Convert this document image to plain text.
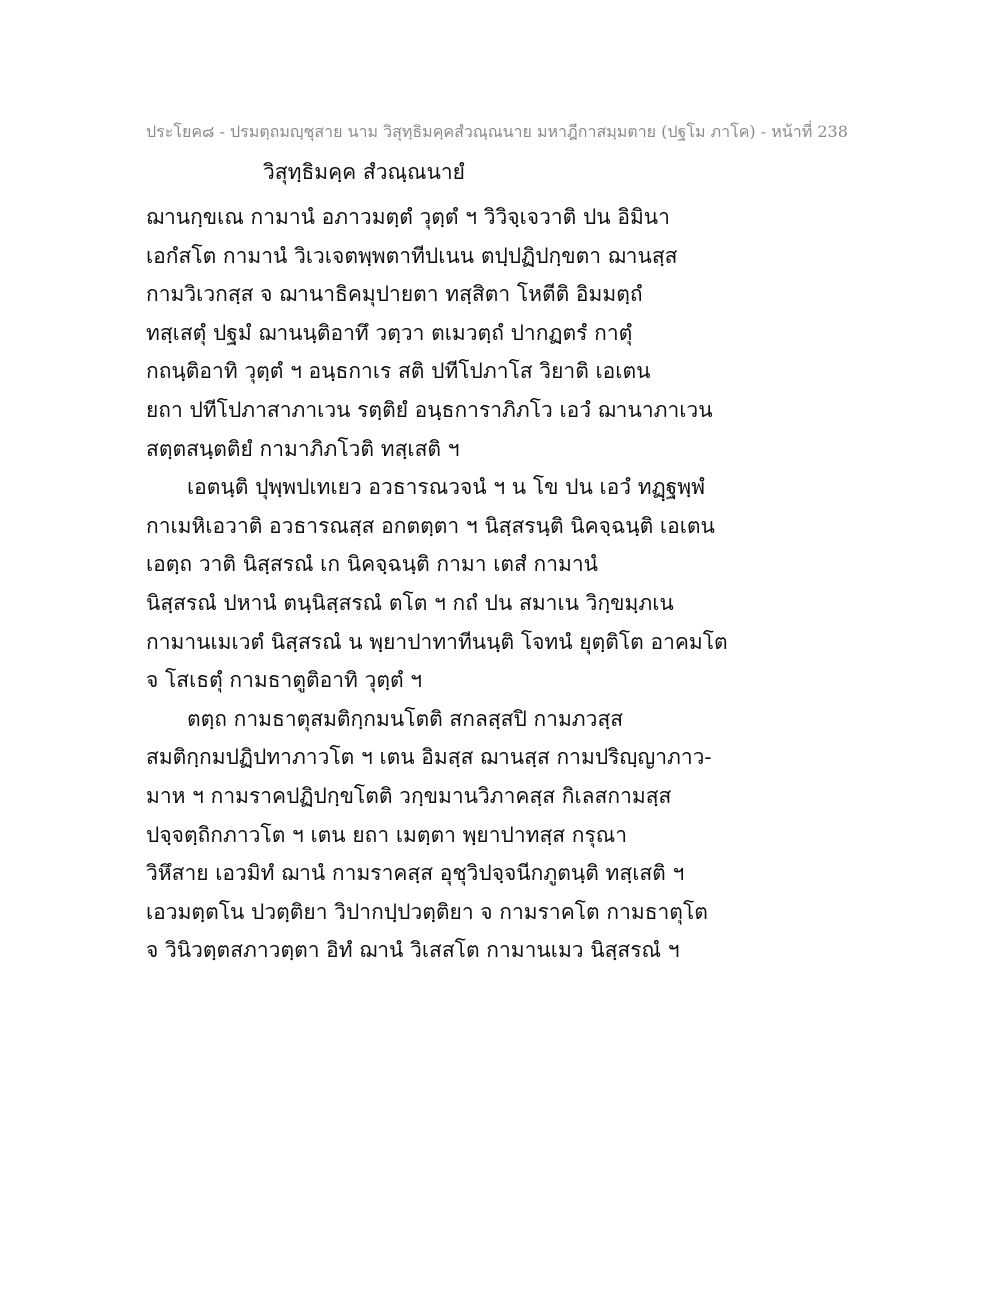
ประโยค๘ - ปรมตฺถมญฺชุสาย นาม วิสุทฺธิมคฺคสํวณฺณนาย มหาฎีกาสมฺมตาย (ปฐโม ภาโค) - หน้าที่ 238
วิสุทฺธิมคฺค สํวณฺณนายํ
ฌานกฺขเณ กามานํ อภาวมตฺตํ วุตฺตํ ฯ วิวิจฺเจวาติ ปน อิมินา
เอกํสโต กามานํ วิเวเจตพฺพตาทีปเนน ตปฺปฏิปกฺขตา ฌานสฺส
กามวิเวกสฺส จ ฌานาธิคมุปายตา ทสฺสิตา โหตีติ อิมมตฺถํ
ทสฺเสตุํ ปฐมํ ฌานนฺติอาทึ วตฺวา ตเมวตฺถํ ปากฏตรํ กาตุํ
กถนฺติอาทิ วุตฺตํ ฯ อนฺธกาเร สติ ปทีโปภาโส วิยาติ เอเตน
ยถา ปทีโปภาสาภาเวน รตฺติยํ อนฺธการาภิภโว เอวํ ฌานาภาเวน
สตฺตสนฺตติยํ กามาภิภโวติ ทสฺเสติ ฯ
เอตนฺติ ปุพฺพปเทเยว อวธารณวจนํ ฯ น โข ปน เอวํ ทฏฺฐพฺพํ
กาเมหิเอวาติ อวธารณสฺส อกตตฺตา ฯ นิสฺสรนฺติ นิคจฺฉนฺติ เอเตน
เอตฺถ วาติ นิสฺสรณํ เก นิคจฺฉนฺติ กามา เตสํ กามานํ
นิสฺสรณํ ปหานํ ตนฺนิสฺสรณํ ตโต ฯ กถํ ปน สมาเน วิกฺขมฺภเน
กามานเมเวตํ นิสฺสรณํ น พฺยาปาทาทีนนฺติ โจทนํ ยุตฺติโต อาคมโต
จ โสเธตุํ กามธาตูติอาทิ วุตฺตํ ฯ
ตตฺถ กามธาตุสมติกฺกมนโตติ สกลสฺสปิ กามภวสฺส
สมติกฺกมปฏิปทาภาวโต ฯ เตน อิมสฺส ฌานสฺส กามปริญฺญาภาว-
มาห ฯ กามราคปฏิปกฺขโตติ วกฺขมานวิภาคสฺส กิเลสกามสฺส
ปจฺจตฺถิกภาวโต ฯ เตน ยถา เมตฺตา พฺยาปาทสฺส กรุณา
วิหึสาย เอวมิทํ ฌานํ กามราคสฺส อุชุวิปจฺจนีกภูตนฺติ ทสฺเสติ ฯ
เอวมตฺตโน ปวตฺติยา วิปากปฺปวตฺติยา จ กามราคโต กามธาตุโต
จ วินิวตฺตสภาวตฺตา อิทํ ฌานํ วิเสสโต กามานเมว นิสฺสรณํ ฯ
